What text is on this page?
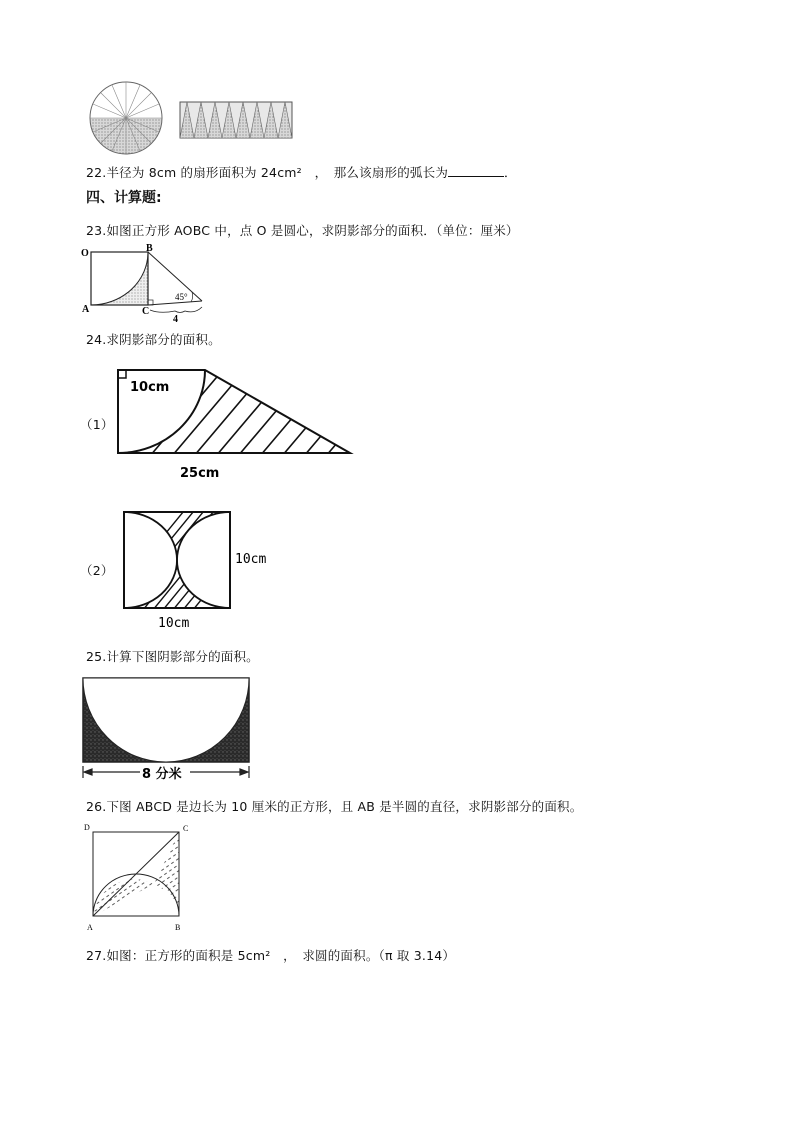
22.半径为 8cm 的扇形面积为 24cm²　，　那么该扇形的弧长为	．
四、计算题:
23.如图正方形 AOBC 中，点 O 是圆心，求阴影部分的面积．（单位：厘米）
O	B
A	C
45°
4
24.求阴影部分的面积。
（1）
10cm
25cm
（2）
10cm
10cm
25.计算下图阴影部分的面积。
8 分米
26.下图 ABCD 是边长为 10 厘米的正方形，且 AB 是半圆的直径，求阴影部分的面积。
D	C
A	B
27.如图：正方形的面积是 5cm²　，　求圆的面积。（π 取 3.14）
